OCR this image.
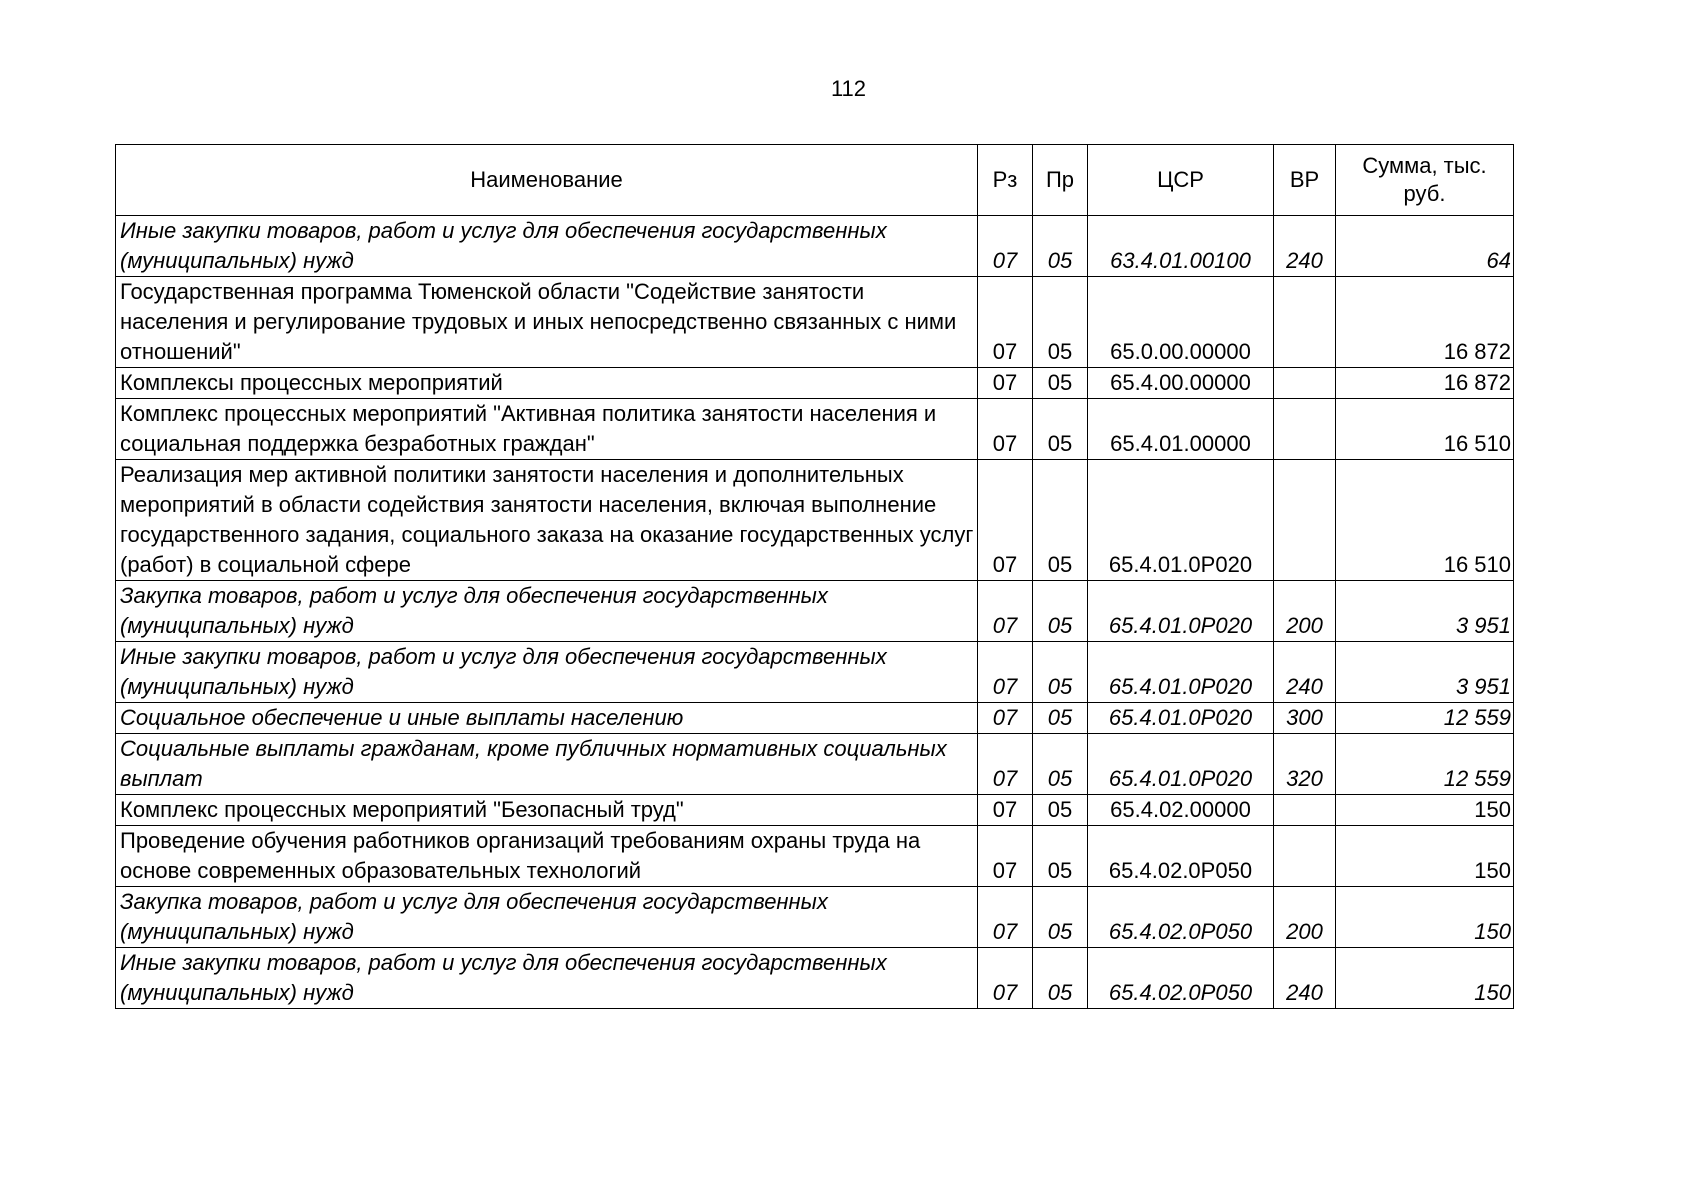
112
Наименование	Рз	Пр	ЦСР	ВР	Сумма, тыс. руб.
Иные закупки товаров, работ и услуг для обеспечения государственных (муниципальных) нужд	07	05	63.4.01.00100	240	64
Государственная программа Тюменской области "Содействие занятости населения и регулирование трудовых и иных непосредственно связанных с ними отношений"	07	05	65.0.00.00000		16 872
Комплексы процессных мероприятий	07	05	65.4.00.00000		16 872
Комплекс процессных мероприятий "Активная политика занятости населения и социальная поддержка безработных граждан"	07	05	65.4.01.00000		16 510
Реализация мер активной политики занятости населения и дополнительных мероприятий в области содействия занятости населения, включая выполнение государственного задания, социального заказа на оказание государственных услуг (работ) в социальной сфере	07	05	65.4.01.0Р020		16 510
Закупка товаров, работ и услуг для обеспечения государственных (муниципальных) нужд	07	05	65.4.01.0Р020	200	3 951
Иные закупки товаров, работ и услуг для обеспечения государственных (муниципальных) нужд	07	05	65.4.01.0Р020	240	3 951
Социальное обеспечение и иные выплаты населению	07	05	65.4.01.0Р020	300	12 559
Социальные выплаты гражданам, кроме публичных нормативных социальных выплат	07	05	65.4.01.0Р020	320	12 559
Комплекс процессных мероприятий "Безопасный труд"	07	05	65.4.02.00000		150
Проведение обучения работников организаций требованиям охраны труда на основе современных образовательных технологий	07	05	65.4.02.0Р050		150
Закупка товаров, работ и услуг для обеспечения государственных (муниципальных) нужд	07	05	65.4.02.0Р050	200	150
Иные закупки товаров, работ и услуг для обеспечения государственных (муниципальных) нужд	07	05	65.4.02.0Р050	240	150
